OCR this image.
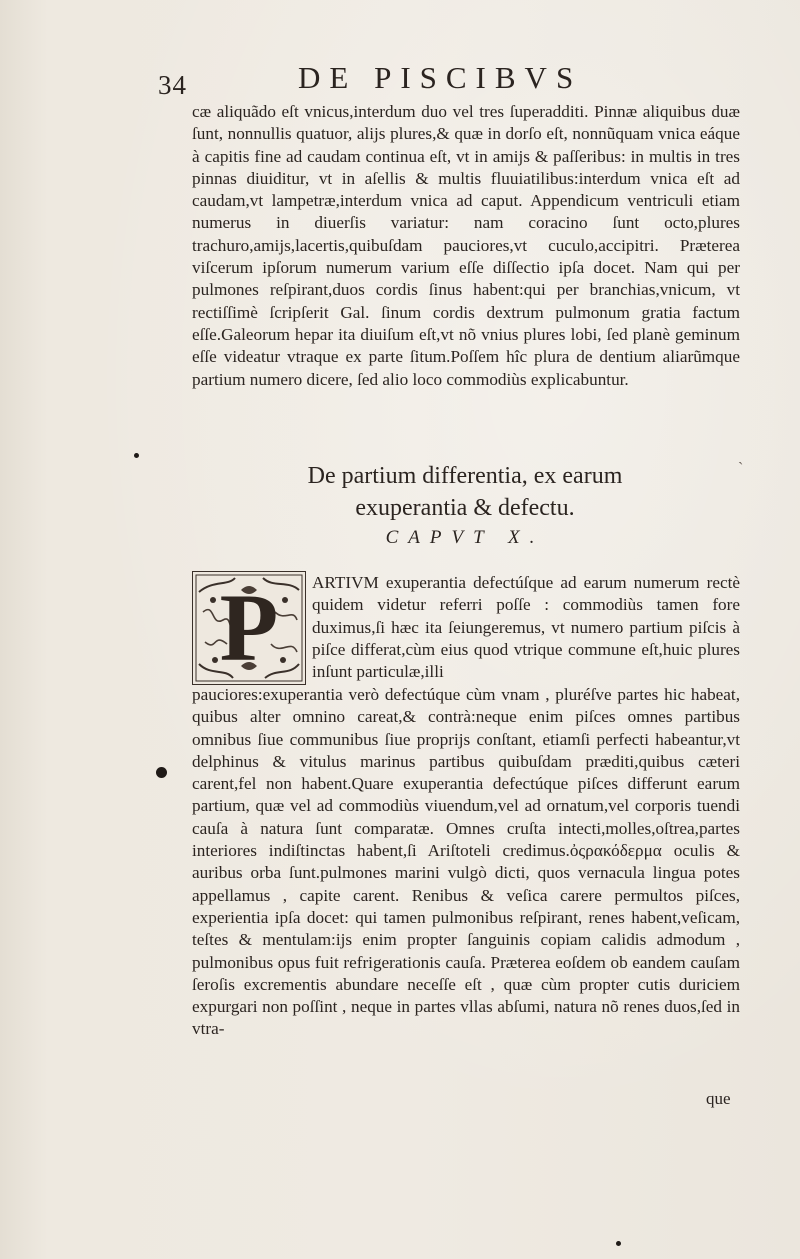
34	DE PISCIBVS

cæ aliquãdo eſt vnicus,interdum duo vel tres ſuperadditi. Pinnæ aliquibus duæ ſunt, nonnullis quatuor, aliјs plures,& quæ in dorſo eſt, nonnũquam vnica eáque à capitis fine ad caudam continua eſt, vt in amijs & paſſeribus: in multis in tres pinnas diuiditur, vt in aſellis & multis fluuiatilibus:interdum vnica eſt ad caudam,vt lampetræ,interdum vnica ad caput. Appendicum ventriculi etiam numerus in diuerſis variatur: nam coracino ſunt octo,plures trachuro,amijs,lacertis,quibuſdam pauciores,vt cuculo,accipitri. Præterea viſcerum ipſorum numerum varium eſſe diſſectio ipſa docet. Nam qui per pulmones reſpirant,duos cordis ſinus habent:qui per branchias,vnicum, vt rectiſſimè ſcripſerit Gal. ſinum cordis dextrum pulmonum gratia factum eſſe.Galeorum hepar ita diuiſum eſt,vt nõ vnius plures lobi, ſed planè geminum eſſe videatur vtraque ex parte ſitum.Poſſem hîc plura de dentium aliarũmque partium numero dicere, ſed alio loco commodiùs explicabuntur.

`
De partium differentia, ex earum
exuperantia & defectu.
CAPVT X.
P	ARTIVM exuperantia defectúſque ad earum numerum rectè quidem videtur referri poſſe : commodiùs tamen fore duximus,ſi hæc ita ſeiungeremus, vt numero partium piſcis à piſce differat,cùm eius quod vtrique commune eſt,huic plures inſunt particulæ,illi

pauciores:exuperantia verò defectúque cùm vnam , pluréſve partes hic habeat, quibus alter omnino careat,& contrà:neque enim piſces omnes partibus omnibus ſiue communibus ſiue proprijs conſtant, etiamſi perfecti habeantur,vt delphinus & vitulus marinus partibus quibuſdam prædіti,quibus cæteri carent,fel non habent.Quare exuperantia defectúque piſces differunt earum partium, quæ vel ad commodiùs viuendum,vel ad ornatum,vel corporis tuendi cauſa à natura ſunt comparatæ. Omnes cruſta intecti,molles,oſtrea,partes interiores indiſtinctas habent,ſi Ariſtoteli credimus.ὀςρακόδερμα oculis & auribus orba ſunt.pulmones marini vulgò dicti, quos vernacula lingua potes appellamus , capite carent. Renibus & veſica carere permultos piſces, experientia ipſa docet: qui tamen pulmonibus reſpirant, renes habent,veſicam, teſtes & mentulam:ijs enim propter ſanguinis copiam calidis admodum , pulmonibus opus fuit refrigerationis cauſa. Præterea eoſdem ob eandem cauſam ſeroſis excrementis abundare neceſſe eſt , quæ cùm propter cutis duriciem expurgari non poſſint , neque in partes vllas abſumi, natura nõ renes duos,ſed in vtra-

que
